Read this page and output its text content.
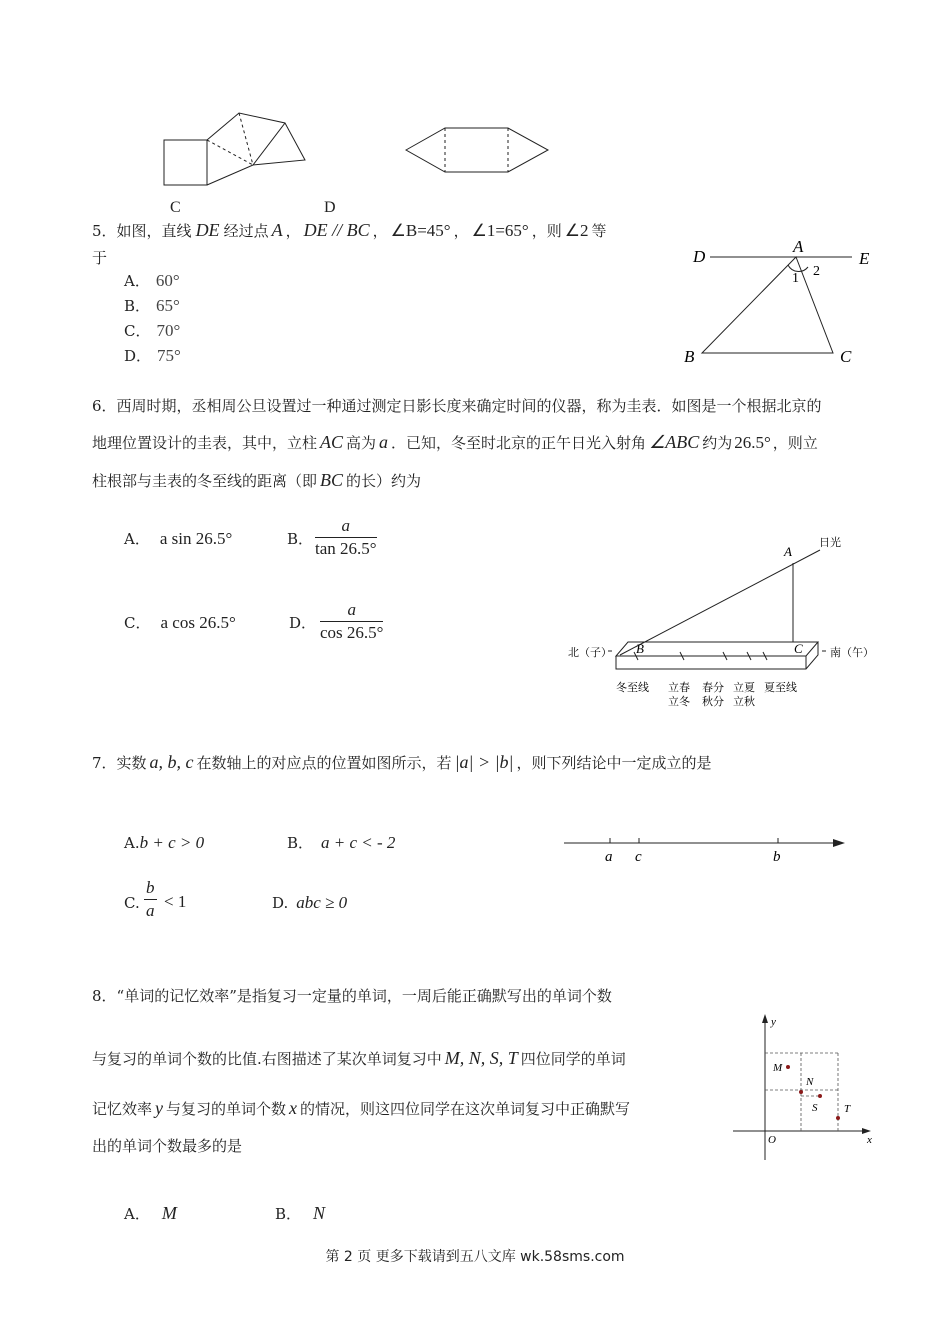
C	D
5．如图，直线 DE 经过点 A ， DE // BC ， ∠B=45° ， ∠1=65° ，则 ∠2 等
于
A． 60°
B． 65°
C． 70°
D． 75°
D
A
E
1 2
B	C
6．西周时期，丞相周公旦设置过一种通过测定日影长度来确定时间的仪器，称为圭表．如图是一个根据北京的
地理位置设计的圭表，其中，立柱 AC 高为 a ．已知，冬至时北京的正午日光入射角 ∠ABC 约为 26.5° ，则立
柱根部与圭表的冬至线的距离（即 BC 的长）约为
A． a sin 26.5°	B． $\frac{a}{\tan 26.5^\circ}$
C． a cos 26.5°	D． $\frac{a}{\cos 26.5^\circ}$
A
日光
B	C
北（子）	南（午）
冬至线 立春
立冬
春分
秋分
立夏
立秋
夏至线
7．实数 a, b, c 在数轴上的对应点的位置如图所示，若 |a| > |b| ，则下列结论中一定成立的是
A.b + c > 0	B． a + c < - 2
C. $\frac{b}{a} < 1$	D. abc ≥ 0
a c	b
8．“单词的记忆效率”是指复习一定量的单词，一周后能正确默写出的单词个数
与复习的单词个数的比值.右图描述了某次单词复习中 M, N, S, T 四位同学的单词
记忆效率 y 与复习的单词个数 x 的情况，则这四位同学在这次单词复习中正确默写
出的单词个数最多的是
A． M	B． N
y
x
O
M
N
S T
第 2 页 更多下载请到五八文库 wk.58sms.com
